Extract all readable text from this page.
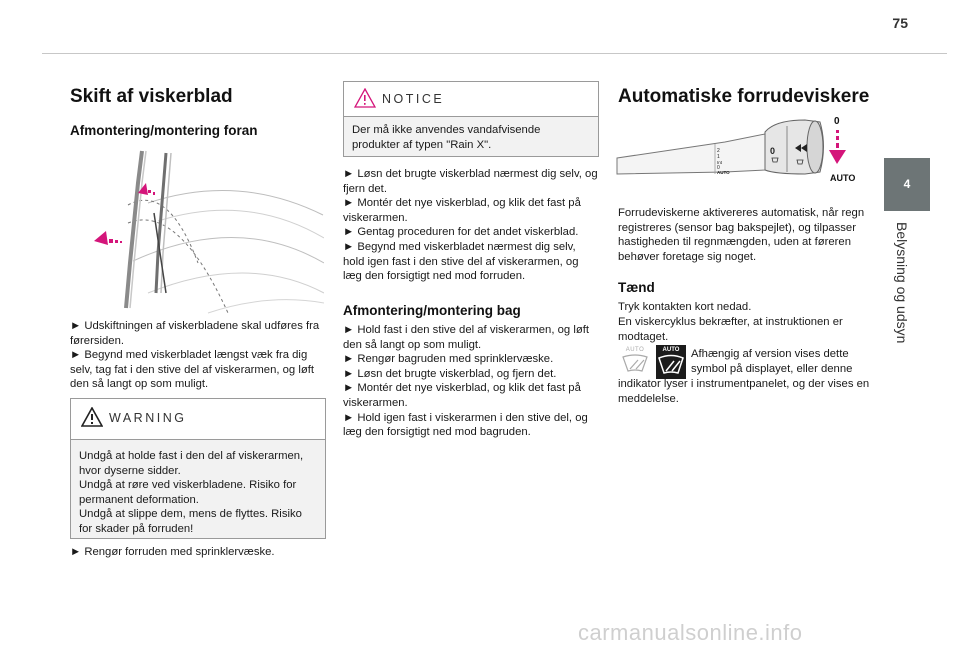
75
4
Belysning og udsyn
Skift af viskerblad
Afmontering/montering foran

► Udskiftningen af viskerbladene skal udføres fra førersiden.

► Begynd med viskerbladet længst væk fra dig selv, tag fat i den stive del af viskerarmen, og løft den så langt op som muligt.

WARNING

Undgå at holde fast i den del af viskerarmen, hvor dyserne sidder.

Undgå at røre ved viskerbladene. Risiko for permanent deformation.

Undgå at slippe dem, mens de flyttes. Risiko for skader på forruden!

► Rengør forruden med sprinklervæske.

NOTICE

Der må ikke anvendes vandafvisende produkter af typen "Rain X".

► Løsn det brugte viskerblad nærmest dig selv, og fjern det.

► Montér det nye viskerblad, og klik det fast på viskerarmen.

► Gentag proceduren for det andet viskerblad.

► Begynd med viskerbladet nærmest dig selv, hold igen fast i den stive del af viskerarmen, og læg den forsigtigt ned mod forruden.

Afmontering/montering bag

► Hold fast i den stive del af viskerarmen, og løft den så langt op som muligt.

► Rengør bagruden med sprinklervæske.

► Løsn det brugte viskerblad, og fjern det.

► Montér det nye viskerblad, og klik det fast på viskerarmen.

► Hold igen fast i viskerarmen i den stive del, og læg den forsigtigt ned mod bagruden.

Automatiske forrudeviskere
0
2
1
Int
0
AUTO
0
AUTO

Forrudeviskerne aktivereres automatisk, når regn registreres (sensor bag bakspejlet), og tilpasser hastigheden til regnmængden, uden at føreren behøver foretage sig noget.

Tænd

Tryk kontakten kort nedad.

En viskercyklus bekræfter, at instruktionen er modtaget.

AUTO	AUTO	Afhængig af version vises dette

symbol på displayet, eller denne

indikator lyser i instrumentpanelet, og der vises en meddelelse.

carmanualsonline.info
